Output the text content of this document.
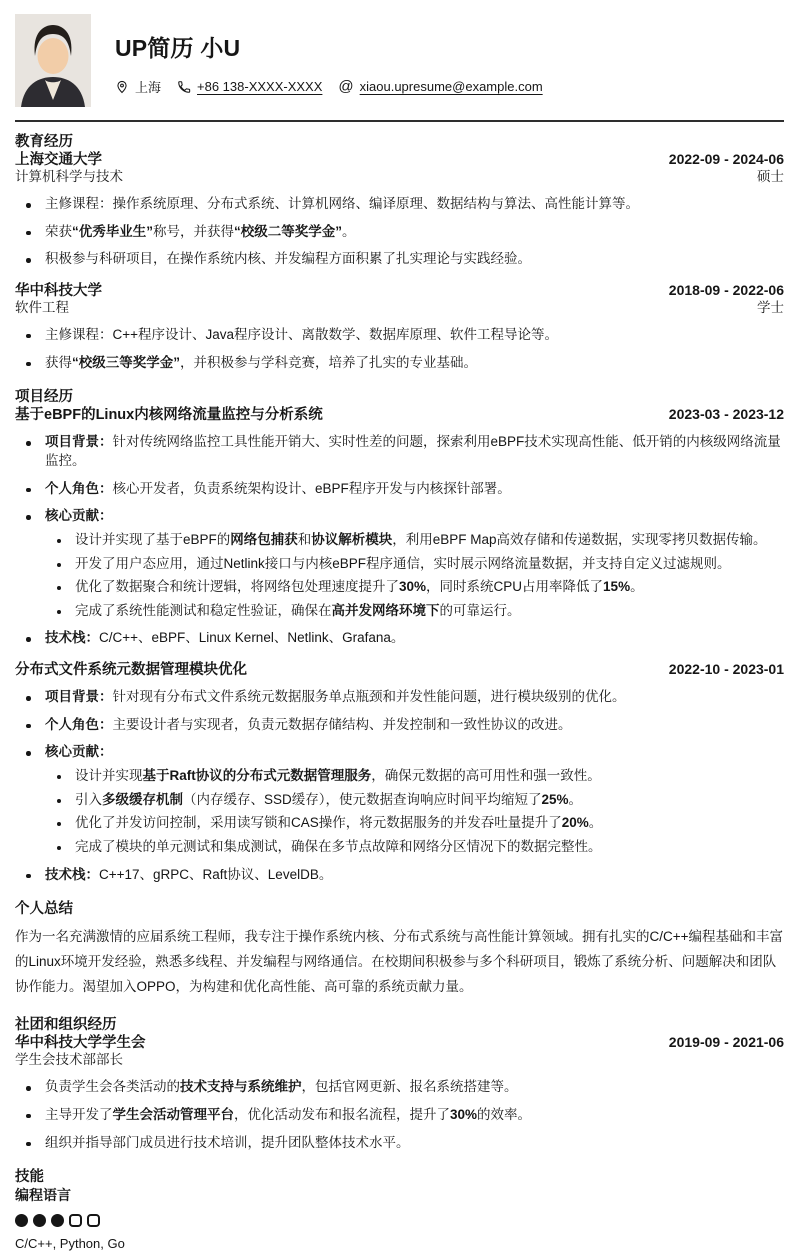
UP简历 小U
上海	+86 138-XXXX-XXXX @ xiaou.upresume@example.com
教育经历
上海交通大学	2022-09 - 2024-06
计算机科学与技术	硕士
主修课程：操作系统原理、分布式系统、计算机网络、编译原理、数据结构与算法、高性能计算等。
荣获“优秀毕业生”称号，并获得“校级二等奖学金”。
积极参与科研项目，在操作系统内核、并发编程方面积累了扎实理论与实践经验。
华中科技大学	2018-09 - 2022-06
软件工程	学士
主修课程：C++程序设计、Java程序设计、离散数学、数据库原理、软件工程导论等。
获得“校级三等奖学金”，并积极参与学科竞赛，培养了扎实的专业基础。
项目经历
基于eBPF的Linux内核网络流量监控与分析系统	2023-03 - 2023-12
项目背景：针对传统网络监控工具性能开销大、实时性差的问题，探索利用eBPF技术实现高性能、低开销的内核级网络流量监控。
个人角色：核心开发者，负责系统架构设计、eBPF程序开发与内核探针部署。
核心贡献：
设计并实现了基于eBPF的网络包捕获和协议解析模块，利用eBPF Map高效存储和传递数据，实现零拷贝数据传输。
开发了用户态应用，通过Netlink接口与内核eBPF程序通信，实时展示网络流量数据，并支持自定义过滤规则。
优化了数据聚合和统计逻辑，将网络包处理速度提升了30%，同时系统CPU占用率降低了15%。
完成了系统性能测试和稳定性验证，确保在高并发网络环境下的可靠运行。
技术栈：C/C++、eBPF、Linux Kernel、Netlink、Grafana。
分布式文件系统元数据管理模块优化	2022-10 - 2023-01
项目背景：针对现有分布式文件系统元数据服务单点瓶颈和并发性能问题，进行模块级别的优化。
个人角色：主要设计者与实现者，负责元数据存储结构、并发控制和一致性协议的改进。
核心贡献：
设计并实现基于Raft协议的分布式元数据管理服务，确保元数据的高可用性和强一致性。
引入多级缓存机制（内存缓存、SSD缓存），使元数据查询响应时间平均缩短了25%。
优化了并发访问控制，采用读写锁和CAS操作，将元数据服务的并发吞吐量提升了20%。
完成了模块的单元测试和集成测试，确保在多节点故障和网络分区情况下的数据完整性。
技术栈：C++17、gRPC、Raft协议、LevelDB。
个人总结

作为一名充满激情的应届系统工程师，我专注于操作系统内核、分布式系统与高性能计算领域。拥有扎实的C/C++编程基础和丰富的Linux环境开发经验，熟悉多线程、并发编程与网络通信。在校期间积极参与多个科研项目，锻炼了系统分析、问题解决和团队协作能力。渴望加入OPPO，为构建和优化高性能、高可靠的系统贡献力量。

社团和组织经历
华中科技大学学生会	2019-09 - 2021-06
学生会技术部部长
负责学生会各类活动的技术支持与系统维护，包括官网更新、报名系统搭建等。
主导开发了学生会活动管理平台，优化活动发布和报名流程，提升了30%的效率。
组织并指导部门成员进行技术培训，提升团队整体技术水平。
技能
编程语言
C/C++, Python, Go
